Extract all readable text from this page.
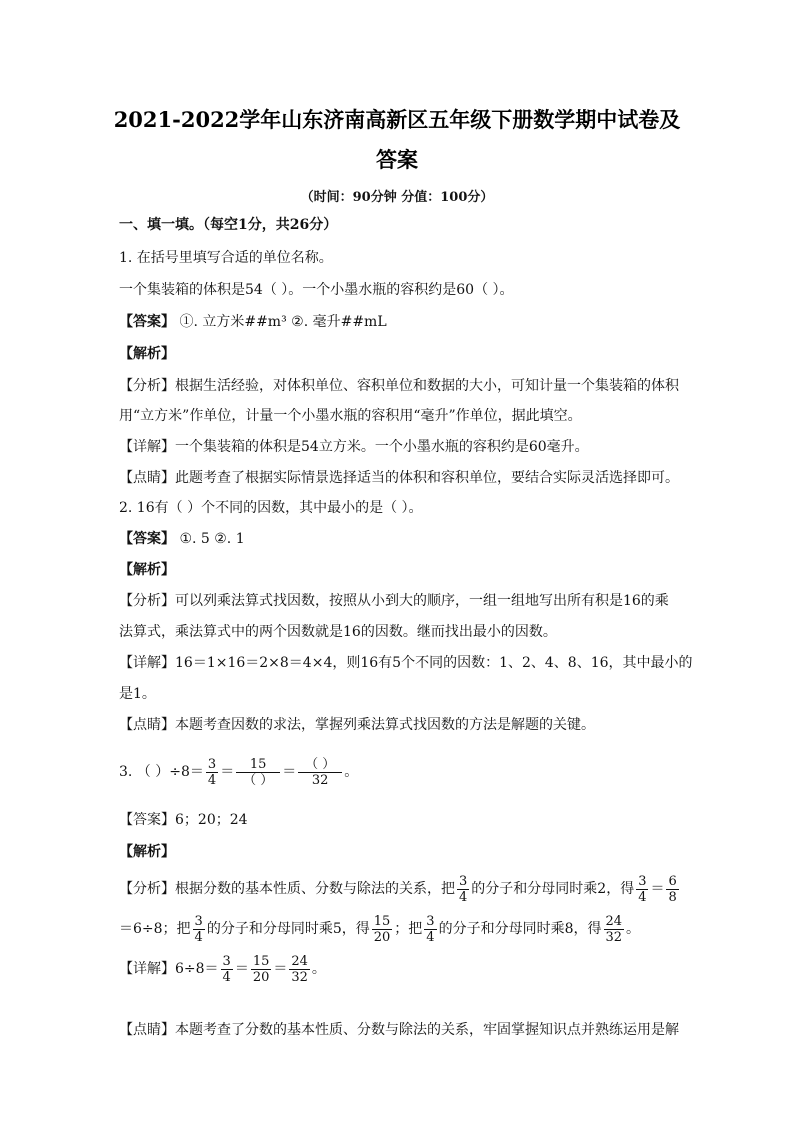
2021-2022学年山东济南高新区五年级下册数学期中试卷及
答案
（时间：90分钟 分值：100分）
一、填一填。（每空1分，共26分）
1. 在括号里填写合适的单位名称。
一个集装箱的体积是54（ ）。一个小墨水瓶的容积约是60（ ）。
【答案】 ①. 立方米##m³ ②. 毫升##mL
【解析】
【分析】根据生活经验，对体积单位、容积单位和数据的大小，可知计量一个集装箱的体积
用“立方米”作单位，计量一个小墨水瓶的容积用“毫升”作单位，据此填空。
【详解】一个集装箱的体积是54立方米。一个小墨水瓶的容积约是60毫升。
【点睛】此题考查了根据实际情景选择适当的体积和容积单位，要结合实际灵活选择即可。
2. 16有（ ）个不同的因数，其中最小的是（ ）。
【答案】 ①. 5 ②. 1
【解析】
【分析】可以列乘法算式找因数，按照从小到大的顺序，一组一组地写出所有积是16的乘
法算式，乘法算式中的两个因数就是16的因数。继而找出最小的因数。
【详解】16＝1×16＝2×8＝4×4，则16有5个不同的因数：1、2、4、8、16，其中最小的
是1。
【点睛】本题考查因数的求法，掌握列乘法算式找因数的方法是解题的关键。
3. （ ）$\div 8= \frac{3}{4} = \frac{15}{( )} = \frac{( )}{32}$ 。
【答案】6；20；24
【解析】
【分析】根据分数的基本性质、分数与除法的关系，把 $\frac{3}{4}$ 的分子和分母同时乘2，得 $\frac{3}{4} = \frac{6}{8}$
＝6÷8；把 $\frac{3}{4}$ 的分子和分母同时乘5，得 $\frac{15}{20}$ ；把 $\frac{3}{4}$ 的分子和分母同时乘8，得 $\frac{24}{32}$ 。
【详解】$6\div 8= \frac{3}{4} = \frac{15}{20} = \frac{24}{32}$ 。
【点睛】本题考查了分数的基本性质、分数与除法的关系，牢固掌握知识点并熟练运用是解
